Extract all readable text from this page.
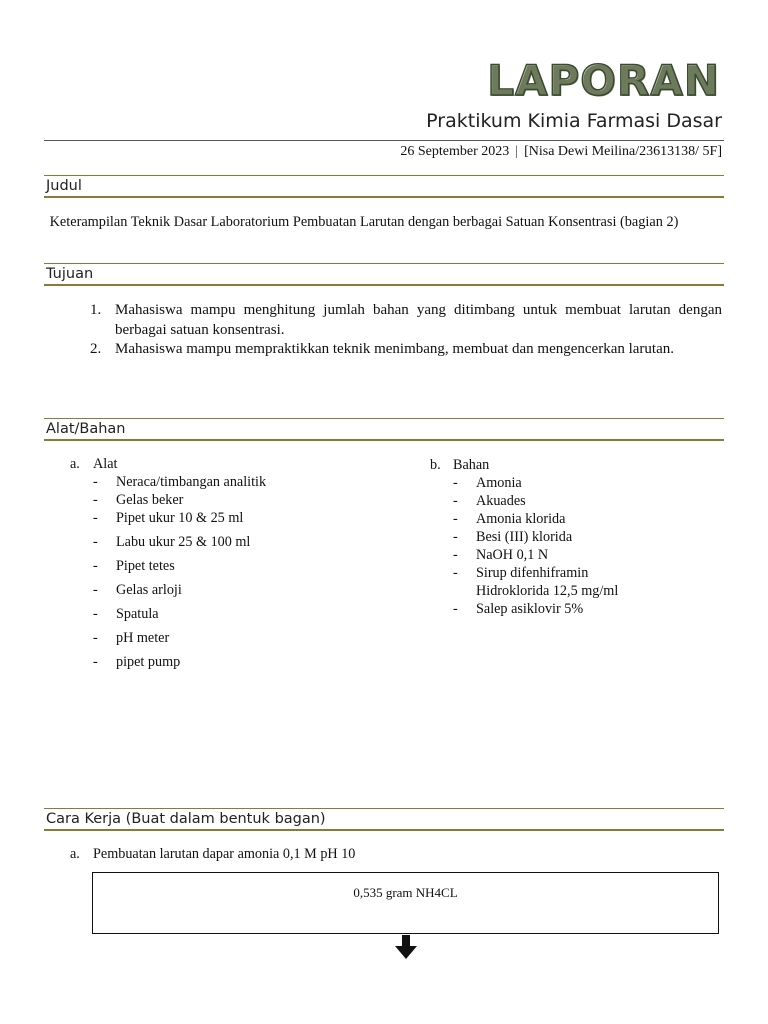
LAPORAN
Praktikum Kimia Farmasi Dasar
26 September 2023 | [Nisa Dewi Meilina/23613138/ 5F]
Judul
Keterampilan Teknik Dasar Laboratorium Pembuatan Larutan dengan berbagai Satuan Konsentrasi (bagian 2)
Tujuan
1. Mahasiswa mampu menghitung jumlah bahan yang ditimbang untuk membuat larutan dengan berbagai satuan konsentrasi.
2. Mahasiswa mampu mempraktikkan teknik menimbang, membuat dan mengencerkan larutan.
Alat/Bahan
a. Alat
-	Neraca/timbangan analitik
-	Gelas beker
-	Pipet ukur 10 & 25 ml
-	Labu ukur 25 & 100 ml
-	Pipet tetes
-	Gelas arloji
-	Spatula
-	pH meter
-	pipet pump
b. Bahan
-	Amonia
-	Akuades
-	Amonia klorida
-	Besi (III) klorida
-	NaOH 0,1 N
-	Sirup difenhiframin Hidroklorida 12,5 mg/ml
-	Salep asiklovir 5%
Cara Kerja (Buat dalam bentuk bagan)
a. Pembuatan larutan dapar amonia 0,1 M pH 10
0,535 gram NH4CL
